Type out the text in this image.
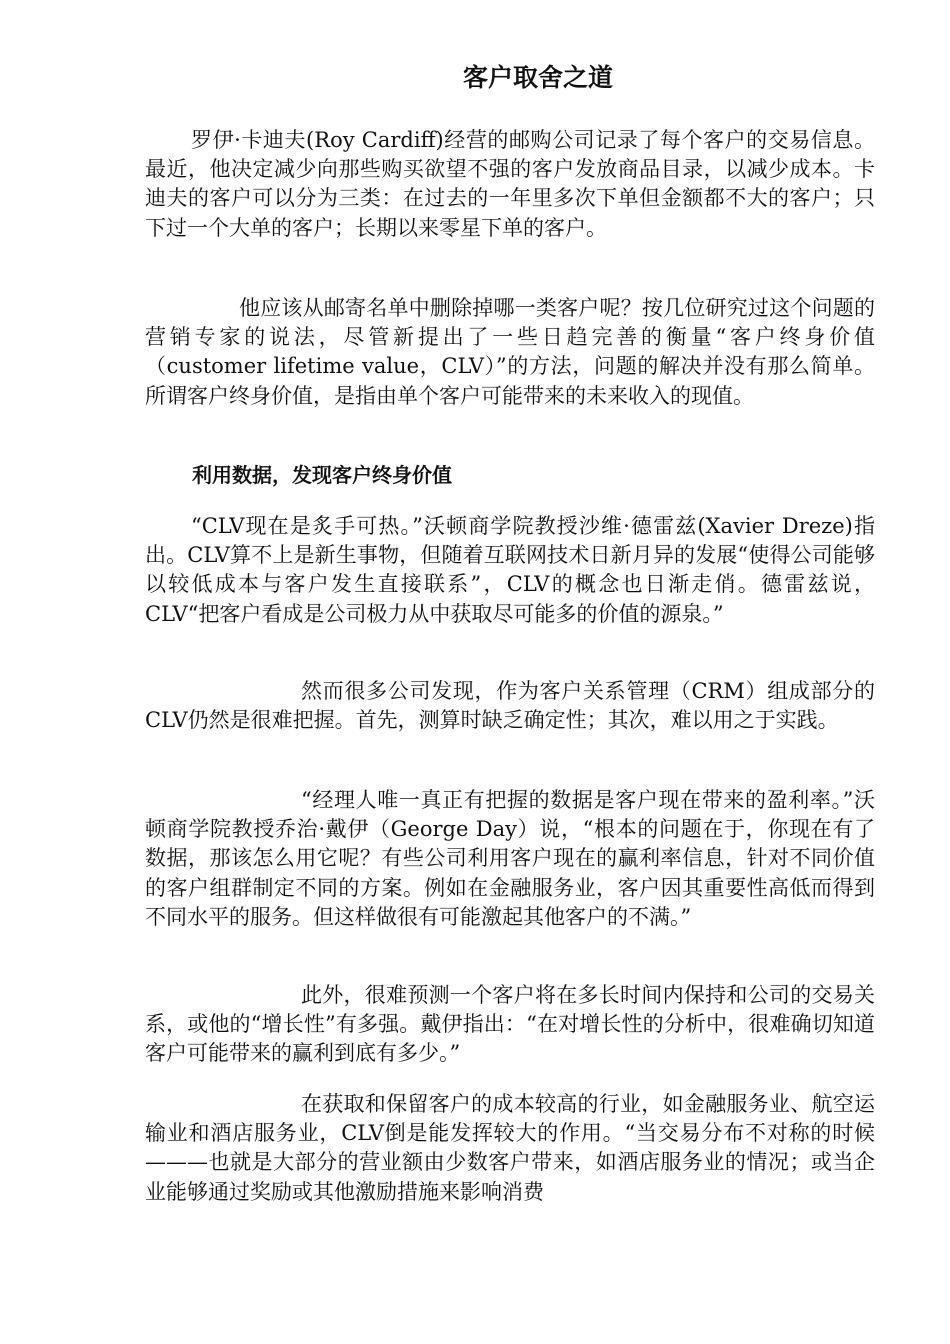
客户取舍之道

罗伊·卡迪夫(Roy Cardiff)经营的邮购公司记录了每个客户的交易信息。最近，他决定减少向那些购买欲望不强的客户发放商品目录，以减少成本。卡迪夫的客户可以分为三类：在过去的一年里多次下单但金额都不大的客户；只下过一个大单的客户；长期以来零星下单的客户。

他应该从邮寄名单中删除掉哪一类客户呢？按几位研究过这个问题的营销专家的说法，尽管新提出了一些日趋完善的衡量“客户终身价值（customer lifetime value，CLV）”的方法，问题的解决并没有那么简单。所谓客户终身价值，是指由单个客户可能带来的未来收入的现值。

利用数据，发现客户终身价值

“CLV现在是炙手可热。”沃顿商学院教授沙维·德雷兹(Xavier Dreze)指出。CLV算不上是新生事物，但随着互联网技术日新月异的发展“使得公司能够以较低成本与客户发生直接联系”，CLV的概念也日渐走俏。德雷兹说，CLV“把客户看成是公司极力从中获取尽可能多的价值的源泉。”

然而很多公司发现，作为客户关系管理（CRM）组成部分的CLV仍然是很难把握。首先，测算时缺乏确定性；其次，难以用之于实践。

“经理人唯一真正有把握的数据是客户现在带来的盈利率。”沃顿商学院教授乔治·戴伊（George Day）说，“根本的问题在于，你现在有了数据，那该怎么用它呢？有些公司利用客户现在的赢利率信息，针对不同价值的客户组群制定不同的方案。例如在金融服务业，客户因其重要性高低而得到不同水平的服务。但这样做很有可能激起其他客户的不满。”

此外，很难预测一个客户将在多长时间内保持和公司的交易关系，或他的“增长性”有多强。戴伊指出：“在对增长性的分析中，很难确切知道客户可能带来的赢利到底有多少。”

在获取和保留客户的成本较高的行业，如金融服务业、航空运输业和酒店服务业，CLV倒是能发挥较大的作用。“当交易分布不对称的时候———也就是大部分的营业额由少数客户带来，如酒店服务业的情况；或当企业能够通过奖励或其他激励措施来影响消费
